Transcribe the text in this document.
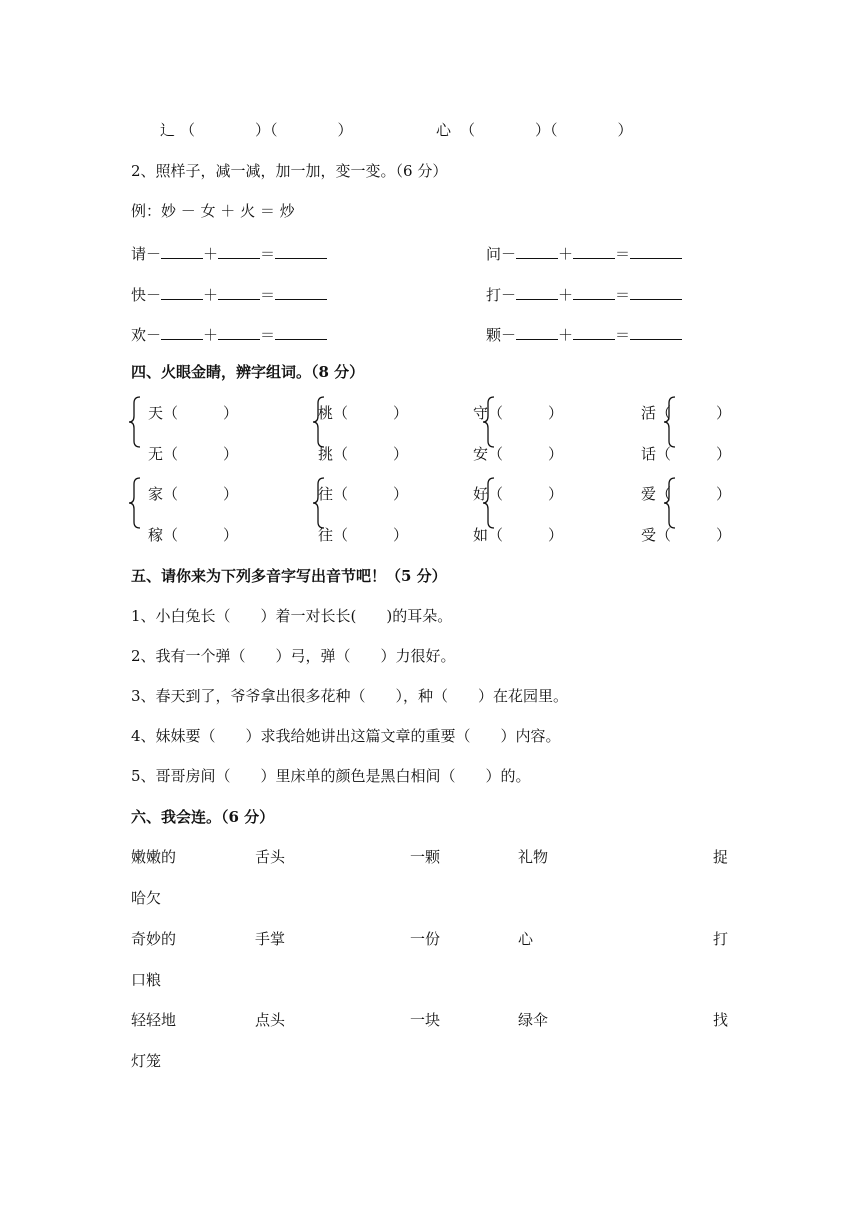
辶 （　　　　）（　　　　）	心 （　　　　）（　　　　）
2、照样子，减一减，加一加，变一变。（6 分）
例：妙 － 女 ＋ 火 ＝ 炒
请－	＋	＝	问－	＋	＝
快－	＋	＝	打－	＋	＝
欢－	＋	＝	颗－	＋	＝
四、火眼金睛，辨字组词。（8 分）
天（　　　）	桃（　　　）	守（　　　）	活（　　　）
无（　　　）	挑（　　　）	安（　　　）	话（　　　）
家（　　　）	往（　　　）	好（　　　）	爱（　　　）
稼（　　　）	往（　　　）	如（　　　）	受（　　　）
五、请你来为下列多音字写出音节吧！（5 分）
1、小白兔长（　　）着一对长长(　　)的耳朵。
2、我有一个弹（　　）弓，弹（　　）力很好。
3、春天到了，爷爷拿出很多花种（　　），种（　　）在花园里。
4、妹妹要（　　）求我给她讲出这篇文章的重要（　　）内容。
5、哥哥房间（　　）里床单的颜色是黑白相间（　　）的。
六、我会连。（6 分）
嫩嫩的	舌头	一颗	礼物	捉
哈欠
奇妙的	手掌	一份	心	打
口粮
轻轻地	点头	一块	绿伞	找
灯笼
